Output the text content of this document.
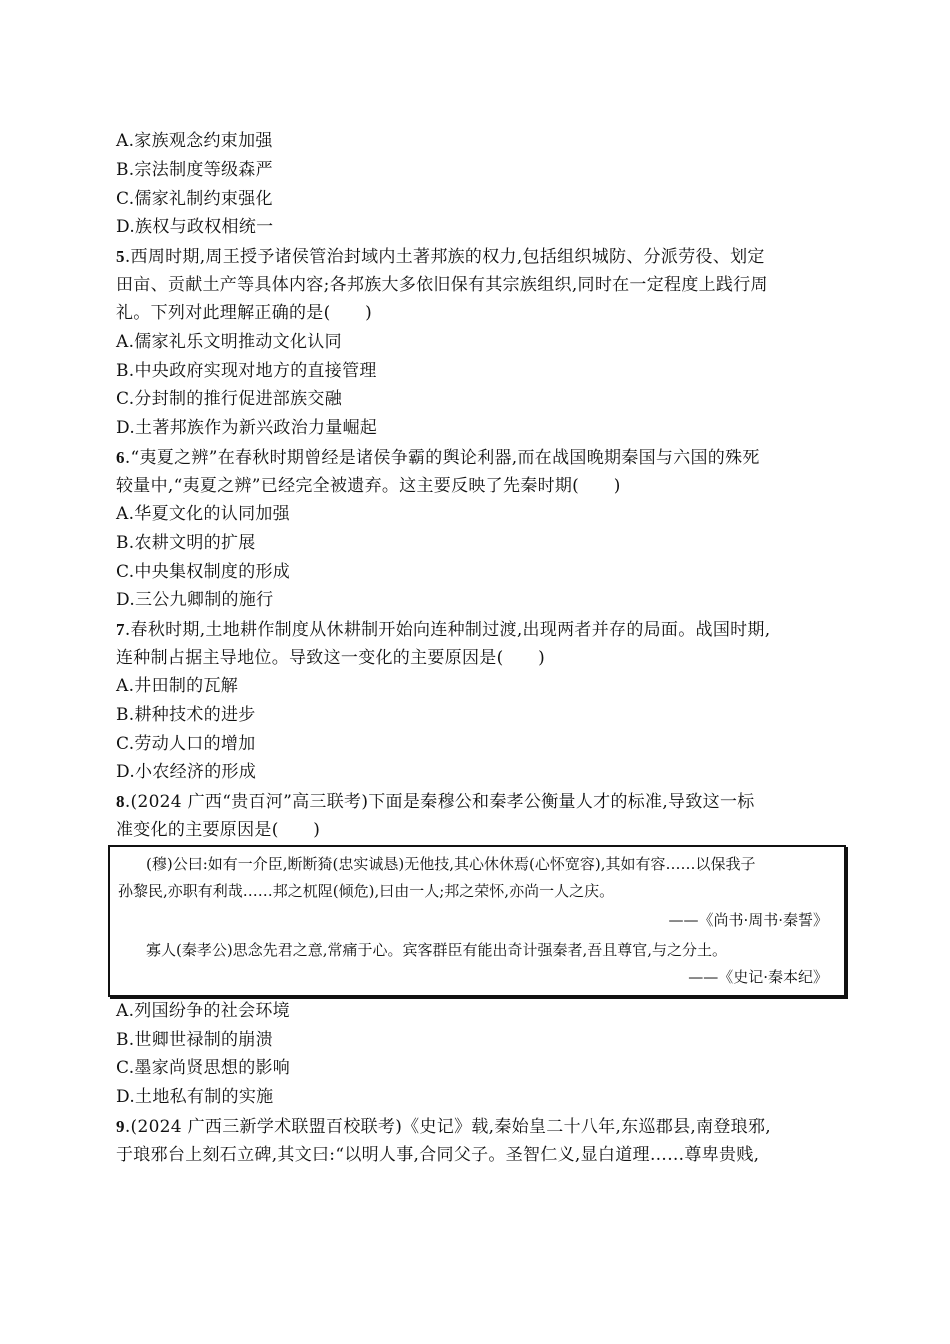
A.家族观念约束加强
B.宗法制度等级森严
C.儒家礼制约束强化
D.族权与政权相统一
5.西周时期,周王授予诸侯管治封域内土著邦族的权力,包括组织城防、分派劳役、划定
田亩、贡献土产等具体内容;各邦族大多依旧保有其宗族组织,同时在一定程度上践行周
礼。下列对此理解正确的是(　　)
A.儒家礼乐文明推动文化认同
B.中央政府实现对地方的直接管理
C.分封制的推行促进部族交融
D.土著邦族作为新兴政治力量崛起
6.“夷夏之辨”在春秋时期曾经是诸侯争霸的舆论利器,而在战国晚期秦国与六国的殊死
较量中,“夷夏之辨”已经完全被遗弃。这主要反映了先秦时期(　　)
A.华夏文化的认同加强
B.农耕文明的扩展
C.中央集权制度的形成
D.三公九卿制的施行
7.春秋时期,土地耕作制度从休耕制开始向连种制过渡,出现两者并存的局面。战国时期,
连种制占据主导地位。导致这一变化的主要原因是(　　)
A.井田制的瓦解
B.耕种技术的进步
C.劳动人口的增加
D.小农经济的形成
8.(2024 广西“贵百河”高三联考)下面是秦穆公和秦孝公衡量人才的标准,导致这一标
准变化的主要原因是(　　)
(穆)公曰:如有一介臣,断断猗(忠实诚恳)无他技,其心休休焉(心怀宽容),其如有容……以保我子
孙黎民,亦职有利哉……邦之杌陧(倾危),曰由一人;邦之荣怀,亦尚一人之庆。
——《尚书·周书·秦誓》
寡人(秦孝公)思念先君之意,常痛于心。宾客群臣有能出奇计强秦者,吾且尊官,与之分土。
——《史记·秦本纪》
A.列国纷争的社会环境
B.世卿世禄制的崩溃
C.墨家尚贤思想的影响
D.土地私有制的实施
9.(2024 广西三新学术联盟百校联考)《史记》载,秦始皇二十八年,东巡郡县,南登琅邪,
于琅邪台上刻石立碑,其文曰:“以明人事,合同父子。圣智仁义,显白道理……尊卑贵贱,
